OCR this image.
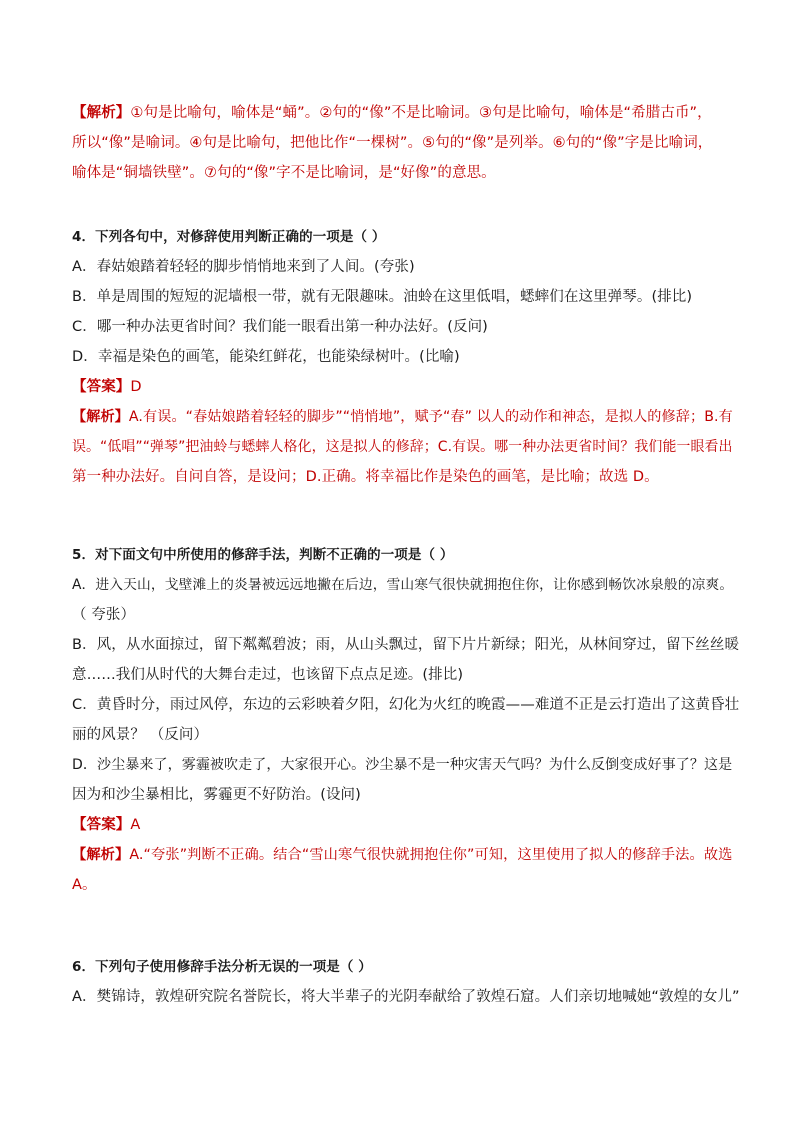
【解析】①句是比喻句，喻体是“蛹”。②句的“像”不是比喻词。③句是比喻句，喻体是“希腊古币”，
所以“像”是喻词。④句是比喻句，把他比作“一棵树”。⑤句的“像”是列举。⑥句的“像”字是比喻词，
喻体是“铜墙铁壁”。⑦句的“像”字不是比喻词，是“好像”的意思。
4．下列各句中，对修辞使用判断正确的一项是（ ）
A．春姑娘踏着轻轻的脚步悄悄地来到了人间。(夸张)
B．单是周围的短短的泥墙根一带，就有无限趣味。油蛉在这里低唱，蟋蟀们在这里弹琴。(排比)
C．哪一种办法更省时间？我们能一眼看出第一种办法好。(反问)
D．幸福是染色的画笔，能染红鲜花，也能染绿树叶。(比喻)
【答案】D
【解析】A.有误。“春姑娘踏着轻轻的脚步”“悄悄地”，赋予“春” 以人的动作和神态，是拟人的修辞；B.有
误。“低唱”“弹琴”把油蛉与蟋蟀人格化，这是拟人的修辞；C.有误。哪一种办法更省时间？我们能一眼看出
第一种办法好。自问自答，是设问；D.正确。将幸福比作是染色的画笔，是比喻；故选 D。
5．对下面文句中所使用的修辞手法，判断不正确的一项是（ ）
A．进入天山，戈壁滩上的炎暑被远远地撇在后边，雪山寒气很快就拥抱住你，让你感到畅饮冰泉般的凉爽。
（ 夸张）
B．风，从水面掠过，留下粼粼碧波；雨，从山头飘过，留下片片新绿；阳光，从林间穿过，留下丝丝暖
意……我们从时代的大舞台走过，也该留下点点足迹。(排比)
C．黄昏时分，雨过风停，东边的云彩映着夕阳，幻化为火红的晚霞——难道不正是云打造出了这黄昏壮
丽的风景？ （反问）
D．沙尘暴来了，雾霾被吹走了，大家很开心。沙尘暴不是一种灾害天气吗？为什么反倒变成好事了？这是
因为和沙尘暴相比，雾霾更不好防治。(设问)
【答案】A
【解析】A.“夸张”判断不正确。结合“雪山寒气很快就拥抱住你”可知，这里使用了拟人的修辞手法。故选
A。
6．下列句子使用修辞手法分析无误的一项是（ ）
A．樊锦诗，敦煌研究院名誉院长，将大半辈子的光阴奉献给了敦煌石窟。人们亲切地喊她“敦煌的女儿”
